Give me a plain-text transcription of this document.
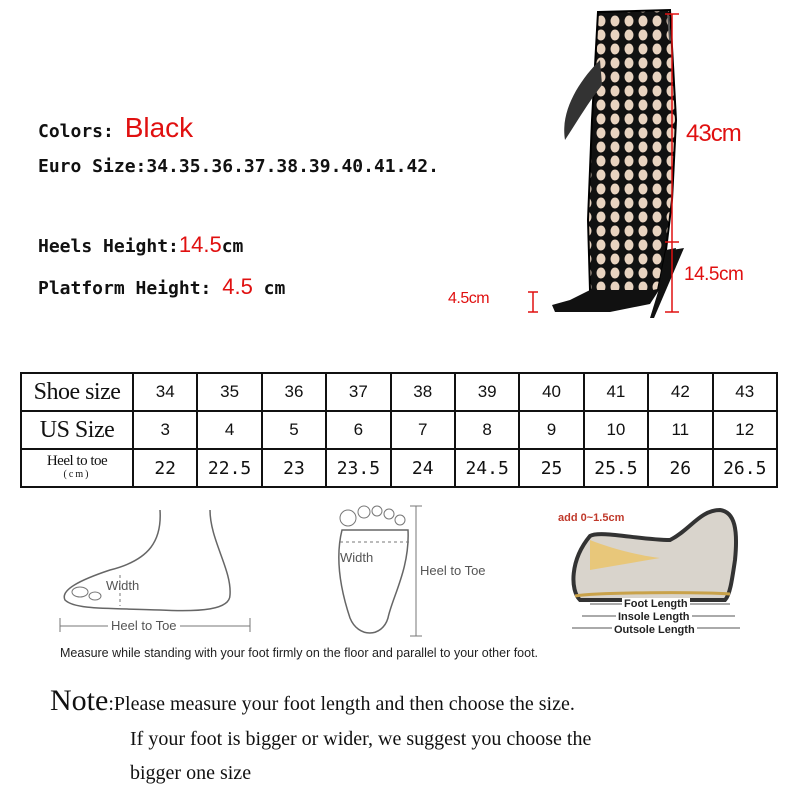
Colors: Black
Euro Size:34.35.36.37.38.39.40.41.42.
Heels Height:14.5cm
Platform Height: 4.5 cm
43cm
14.5cm
4.5cm
Shoe size	34	35	36	37	38	39	40	41	42	43
US Size	3	4	5	6	7	8	9	10	11	12
Heel to toe
(cm)	22	22.5	23	23.5	24	24.5	25	25.5	26	26.5
Width
Heel to Toe
Width
Heel to Toe
add 0~1.5cm
Foot Length
Insole Length
Outsole Length
Measure while standing with your foot firmly on the floor and parallel to your other foot.
Note:Please measure your foot length and then choose the size.
If your foot is bigger or wider, we suggest you choose the
bigger one size
